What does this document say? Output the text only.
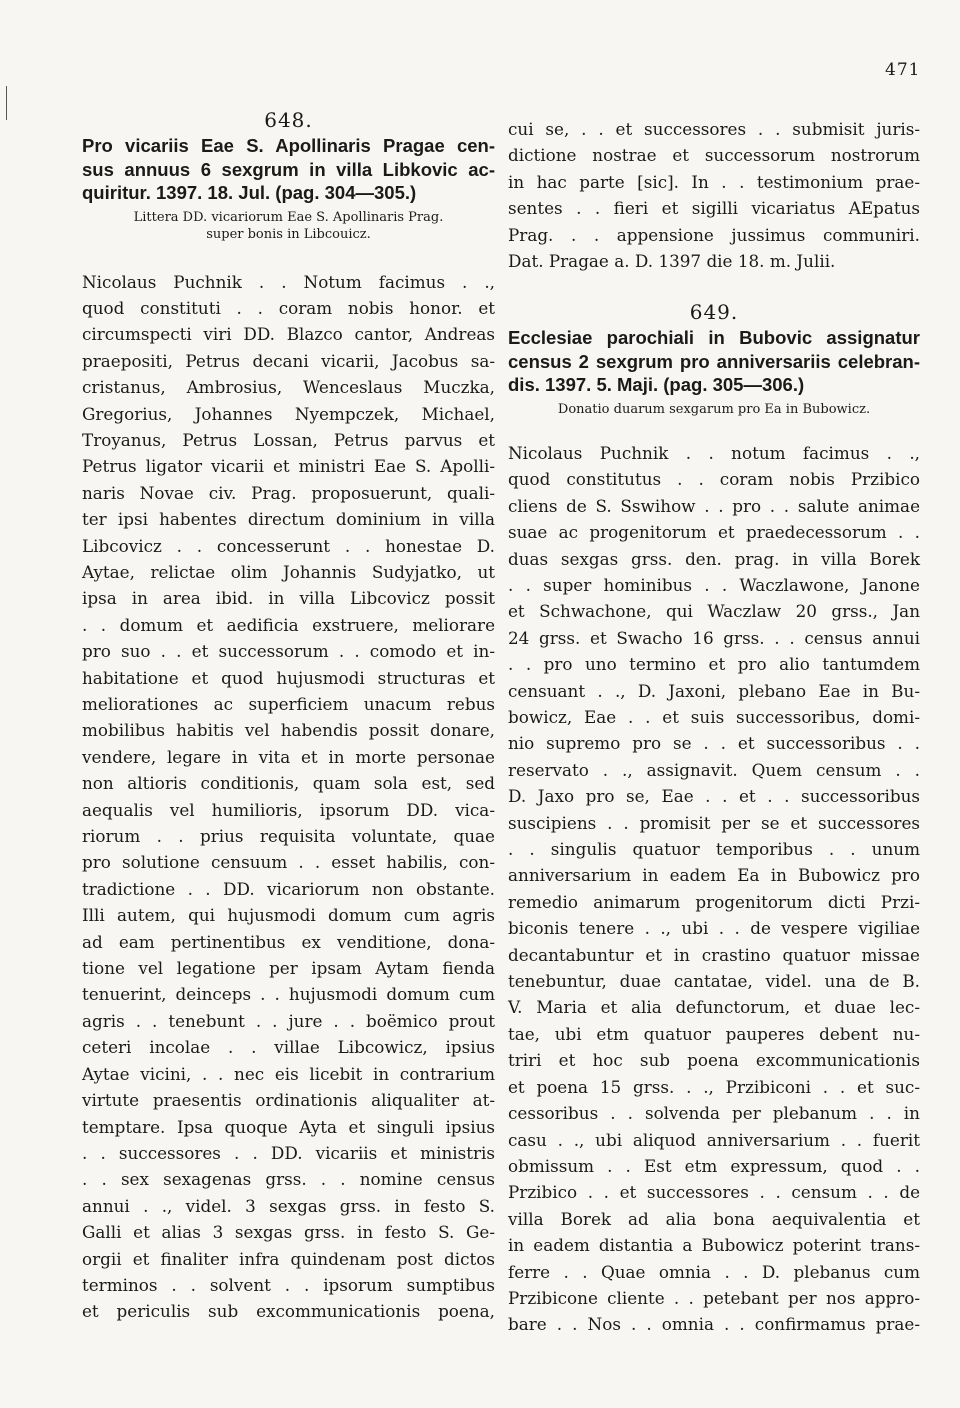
471
648.
Pro vicariis Eae S. Apollinaris Pragae cen-
sus annuus 6 sexgrum in villa Libkovic ac-
quiritur. 1397. 18. Jul. (pag. 304—305.)
Littera DD. vicariorum Eae S. Apollinaris Prag.
super bonis in Libcouicz.
Nicolaus Puchnik . . Notum facimus . .,
quod constituti . . coram nobis honor. et
circumspecti viri DD. Blazco cantor, Andreas
praepositi, Petrus decani vicarii, Jacobus sa-
cristanus, Ambrosius, Wenceslaus Muczka,
Gregorius, Johannes Nyempczek, Michael,
Troyanus, Petrus Lossan, Petrus parvus et
Petrus ligator vicarii et ministri Eae S. Apolli-
naris Novae civ. Prag. proposuerunt, quali-
ter ipsi habentes directum dominium in villa
Libcovicz . . concesserunt . . honestae D.
Aytae, relictae olim Johannis Sudyjatko, ut
ipsa in area ibid. in villa Libcovicz possit
. . domum et aedificia exstruere, meliorare
pro suo . . et successorum . . comodo et in-
habitatione et quod hujusmodi structuras et
meliorationes ac superficiem unacum rebus
mobilibus habitis vel habendis possit donare,
vendere, legare in vita et in morte personae
non altioris conditionis, quam sola est, sed
aequalis vel humilioris, ipsorum DD. vica-
riorum . . prius requisita voluntate, quae
pro solutione censuum . . esset habilis, con-
tradictione . . DD. vicariorum non obstante.
Illi autem, qui hujusmodi domum cum agris
ad eam pertinentibus ex venditione, dona-
tione vel legatione per ipsam Aytam fienda
tenuerint, deinceps . . hujusmodi domum cum
agris . . tenebunt . . jure . . boëmico prout
ceteri incolae . . villae Libcowicz, ipsius
Aytae vicini, . . nec eis licebit in contrarium
virtute praesentis ordinationis aliqualiter at-
temptare. Ipsa quoque Ayta et singuli ipsius
. . successores . . DD. vicariis et ministris
. . sex sexagenas grss. . . nomine census
annui . ., videl. 3 sexgas grss. in festo S.
Galli et alias 3 sexgas grss. in festo S. Ge-
orgii et finaliter infra quindenam post dictos
terminos . . solvent . . ipsorum sumptibus
et periculis sub excommunicationis poena,
cui se, . . et successores . . submisit juris-
dictione nostrae et successorum nostrorum
in hac parte [sic]. In . . testimonium prae-
sentes . . fieri et sigilli vicariatus AEpatus
Prag. . . appensione jussimus communiri.
Dat. Pragae a. D. 1397 die 18. m. Julii.
649.
Ecclesiae parochiali in Bubovic assignatur
census 2 sexgrum pro anniversariis celebran-
dis. 1397. 5. Maji. (pag. 305—306.)
Donatio duarum sexgarum pro Ea in Bubowicz.
Nicolaus Puchnik . . notum facimus . .,
quod constitutus . . coram nobis Przibico
cliens de S. Sswihow . . pro . . salute animae
suae ac progenitorum et praedecessorum . .
duas sexgas grss. den. prag. in villa Borek
. . super hominibus . . Waczlawone, Janone
et Schwachone, qui Waczlaw 20 grss., Jan
24 grss. et Swacho 16 grss. . . census annui
. . pro uno termino et pro alio tantumdem
censuant . ., D. Jaxoni, plebano Eae in Bu-
bowicz, Eae . . et suis successoribus, domi-
nio supremo pro se . . et successoribus . .
reservato . ., assignavit. Quem censum . .
D. Jaxo pro se, Eae . . et . . successoribus
suscipiens . . promisit per se et successores
. . singulis quatuor temporibus . . unum
anniversarium in eadem Ea in Bubowicz pro
remedio animarum progenitorum dicti Przi-
biconis tenere . ., ubi . . de vespere vigiliae
decantabuntur et in crastino quatuor missae
tenebuntur, duae cantatae, videl. una de B.
V. Maria et alia defunctorum, et duae lec-
tae, ubi etm quatuor pauperes debent nu-
triri et hoc sub poena excommunicationis
et poena 15 grss. . ., Przibiconi . . et suc-
cessoribus . . solvenda per plebanum . . in
casu . ., ubi aliquod anniversarium . . fuerit
obmissum . . Est etm expressum, quod . .
Przibico . . et successores . . censum . . de
villa Borek ad alia bona aequivalentia et
in eadem distantia a Bubowicz poterint trans-
ferre . . Quae omnia . . D. plebanus cum
Przibicone cliente . . petebant per nos appro-
bare . . Nos . . omnia . . confirmamus prae-
